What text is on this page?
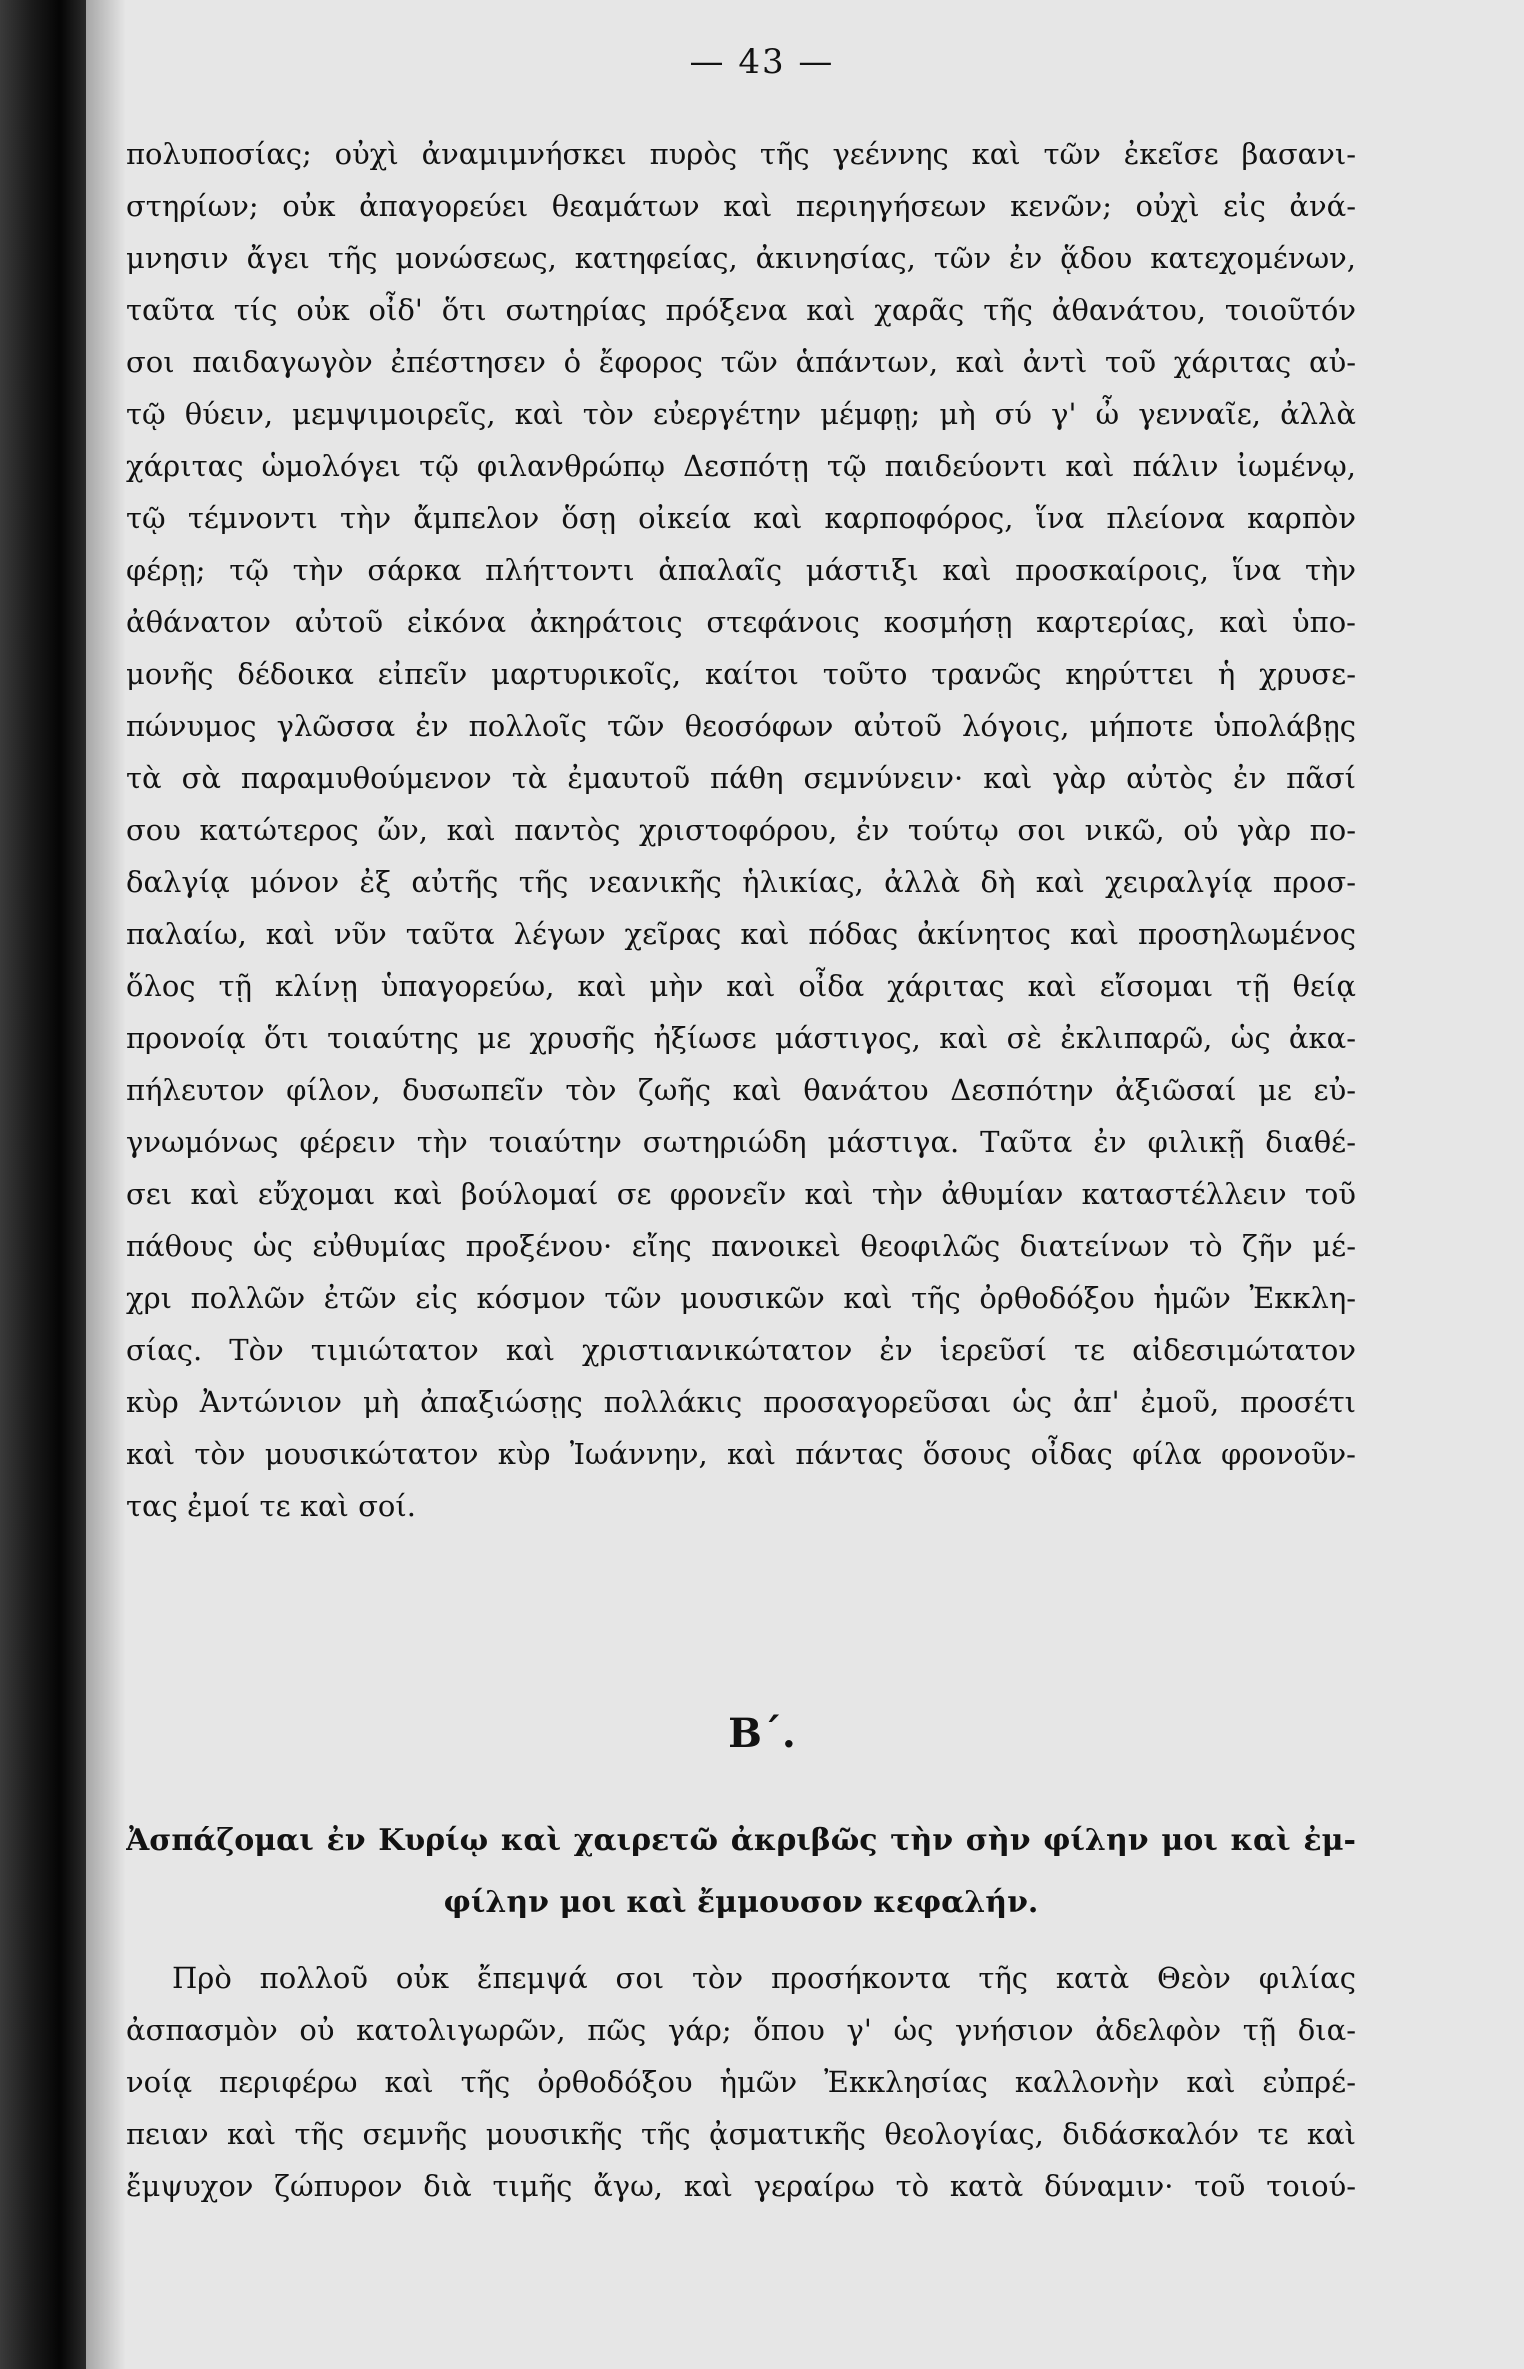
— 43 —
πολυποσίας; οὐχὶ ἀναμιμνήσκει πυρὸς τῆς γεέννης καὶ τῶν ἐκεῖσε βασανι-
στηρίων; οὐκ ἀπαγορεύει θεαμάτων καὶ περιηγήσεων κενῶν; οὐχὶ εἰς ἀνά-
μνησιν ἄγει τῆς μονώσεως, κατηφείας, ἀκινησίας, τῶν ἐν ᾅδου κατεχομένων,
ταῦτα τίς οὐκ οἶδ' ὅτι σωτηρίας πρόξενα καὶ χαρᾶς τῆς ἀθανάτου, τοιοῦτόν
σοι παιδαγωγὸν ἐπέστησεν ὁ ἔφορος τῶν ἁπάντων, καὶ ἀντὶ τοῦ χάριτας αὐ-
τῷ θύειν, μεμψιμοιρεῖς, καὶ τὸν εὐεργέτην μέμφῃ; μὴ σύ γ' ὦ γενναῖε, ἀλλὰ
χάριτας ὡμολόγει τῷ φιλανθρώπῳ Δεσπότῃ τῷ παιδεύοντι καὶ πάλιν ἰωμένῳ,
τῷ τέμνοντι τὴν ἄμπελον ὅσῃ οἰκεία καὶ καρποφόρος, ἵνα πλείονα καρπὸν
φέρῃ; τῷ τὴν σάρκα πλήττοντι ἁπαλαῖς μάστιξι καὶ προσκαίροις, ἵνα τὴν
ἀθάνατον αὐτοῦ εἰκόνα ἀκηράτοις στεφάνοις κοσμήσῃ καρτερίας, καὶ ὑπο-
μονῆς δέδοικα εἰπεῖν μαρτυρικοῖς, καίτοι τοῦτο τρανῶς κηρύττει ἡ χρυσε-
πώνυμος γλῶσσα ἐν πολλοῖς τῶν θεοσόφων αὐτοῦ λόγοις, μήποτε ὑπολάβῃς
τὰ σὰ παραμυθούμενον τὰ ἐμαυτοῦ πάθη σεμνύνειν· καὶ γὰρ αὐτὸς ἐν πᾶσί
σου κατώτερος ὤν, καὶ παντὸς χριστοφόρου, ἐν τούτῳ σοι νικῶ, οὐ γὰρ πο-
δαλγίᾳ μόνον ἐξ αὐτῆς τῆς νεανικῆς ἡλικίας, ἀλλὰ δὴ καὶ χειραλγίᾳ προσ-
παλαίω, καὶ νῦν ταῦτα λέγων χεῖρας καὶ πόδας ἀκίνητος καὶ προσηλωμένος
ὅλος τῇ κλίνῃ ὑπαγορεύω, καὶ μὴν καὶ οἶδα χάριτας καὶ εἴσομαι τῇ θείᾳ
προνοίᾳ ὅτι τοιαύτης με χρυσῆς ἠξίωσε μάστιγος, καὶ σὲ ἐκλιπαρῶ, ὡς ἀκα-
πήλευτον φίλον, δυσωπεῖν τὸν ζωῆς καὶ θανάτου Δεσπότην ἀξιῶσαί με εὐ-
γνωμόνως φέρειν τὴν τοιαύτην σωτηριώδη μάστιγα. Ταῦτα ἐν φιλικῇ διαθέ-
σει καὶ εὔχομαι καὶ βούλομαί σε φρονεῖν καὶ τὴν ἀθυμίαν καταστέλλειν τοῦ
πάθους ὡς εὐθυμίας προξένου· εἴης πανοικεὶ θεοφιλῶς διατείνων τὸ ζῆν μέ-
χρι πολλῶν ἐτῶν εἰς κόσμον τῶν μουσικῶν καὶ τῆς ὀρθοδόξου ἡμῶν Ἐκκλη-
σίας. Τὸν τιμιώτατον καὶ χριστιανικώτατον ἐν ἱερεῦσί τε αἰδεσιμώτατον
κὺρ Ἀντώνιον μὴ ἀπαξιώσῃς πολλάκις προσαγορεῦσαι ὡς ἀπ' ἐμοῦ, προσέτι
καὶ τὸν μουσικώτατον κὺρ Ἰωάννην, καὶ πάντας ὅσους οἶδας φίλα φρονοῦν-
τας ἐμοί τε καὶ σοί.
Β΄.
Ἀσπάζομαι ἐν Κυρίῳ καὶ χαιρετῶ ἀκριβῶς τὴν σὴν φίλην μοι καὶ ἐμ-
φίλην μοι καὶ ἔμμουσον κεφαλήν.
Πρὸ πολλοῦ οὐκ ἔπεμψά σοι τὸν προσήκοντα τῆς κατὰ Θεὸν φιλίας
ἀσπασμὸν οὐ κατολιγωρῶν, πῶς γάρ; ὅπου γ' ὡς γνήσιον ἀδελφὸν τῇ δια-
νοίᾳ περιφέρω καὶ τῆς ὀρθοδόξου ἡμῶν Ἐκκλησίας καλλονὴν καὶ εὐπρέ-
πειαν καὶ τῆς σεμνῆς μουσικῆς τῆς ᾀσματικῆς θεολογίας, διδάσκαλόν τε καὶ
ἔμψυχον ζώπυρον διὰ τιμῆς ἄγω, καὶ γεραίρω τὸ κατὰ δύναμιν· τοῦ τοιού-
